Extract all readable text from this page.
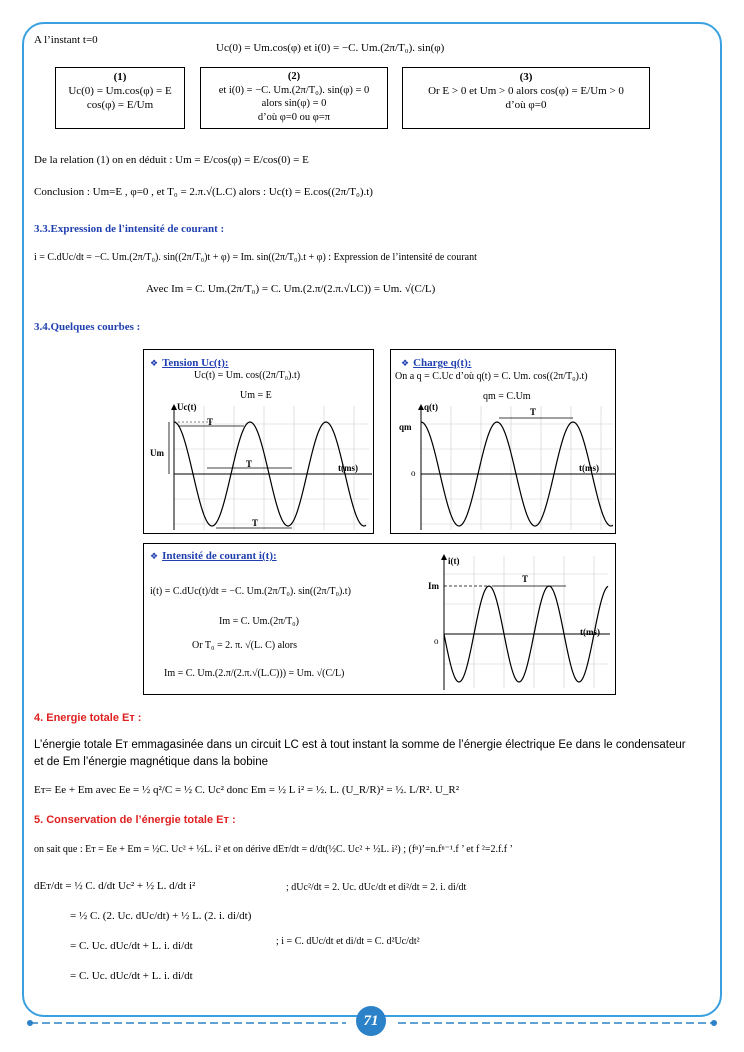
A l’instant t=0
Uc(0) = Um.cos(φ) et i(0) = −C. Um.(2π/T₀). sin(φ)
(1)
Uc(0) = Um.cos(φ) = E
cos(φ) = E/Um
(2)
et i(0) = −C. Um.(2π/T₀). sin(φ) = 0
alors sin(φ) = 0
d’où φ=0 ou φ=π
(3)
Or E > 0 et Um > 0 alors cos(φ) = E/Um > 0
d’où φ=0
De la relation (1) on en déduit : Um = E/cos(φ) = E/cos(0) = E
Conclusion : Um=E , φ=0 , et T₀ = 2.π.√(L.C) alors : Uc(t) = E.cos((2π/T₀).t)
3.3.Expression de l'intensité de courant :
i = C.dUc/dt = −C. Um.(2π/T₀). sin((2π/T₀)t + φ) = Im. sin((2π/T₀).t + φ) : Expression de l’intensité de courant
Avec Im = C. Um.(2π/T₀) = C. Um.(2.π/(2.π.√LC)) = Um. √(C/L)
3.4.Quelques courbes :
❖ Tension Uc(t):
Uc(t) = Um. cos((2π/T₀).t)
Um = E
Uc(t)
Um
t(ms)
T
T
T
❖ Charge q(t):
On a q = C.Uc d’où q(t) = C. Um. cos((2π/T₀).t)
qm = C.Um
q(t)
qm
t(ms)
T
o
❖ Intensité de courant i(t):
i(t) = C.dUc(t)/dt = −C. Um.(2π/T₀). sin((2π/T₀).t)
Im = C. Um.(2π/T₀)
Or T₀ = 2. π. √(L. C) alors
Im = C. Um.(2.π/(2.π.√(L.C))) = Um. √(C/L)
i(t)
Im
t(ms)
T
o
4. Energie totale Eᴛ :
L’énergie totale Eᴛ emmagasinée dans un circuit LC est à tout instant la somme de l’énergie électrique Ee dans le condensateur et de Em l’énergie magnétique dans la bobine
Eᴛ= Ee + Em avec Ee = ½ q²/C = ½ C. Uc² donc Em = ½ L i² = ½. L. (U_R/R)² = ½. L/R². U_R²
5. Conservation de l’énergie totale Eᴛ :
on sait que : Eᴛ = Ee + Em = ½C. Uc² + ½L. i² et on dérive dEᴛ/dt = d/dt(½C. Uc² + ½L. i²) ; (fⁿ)’=n.fⁿ⁻¹.f ’ et f ²=2.f.f ’
dEᴛ/dt = ½ C. d/dt Uc² + ½ L. d/dt i²
= ½ C. (2. Uc. dUc/dt) + ½ L. (2. i. di/dt)
= C. Uc. dUc/dt + L. i. di/dt
= C. Uc. dUc/dt + L. i. di/dt
; dUc²/dt = 2. Uc. dUc/dt et di²/dt = 2. i. di/dt
; i = C. dUc/dt et di/dt = C. d²Uc/dt²
71
